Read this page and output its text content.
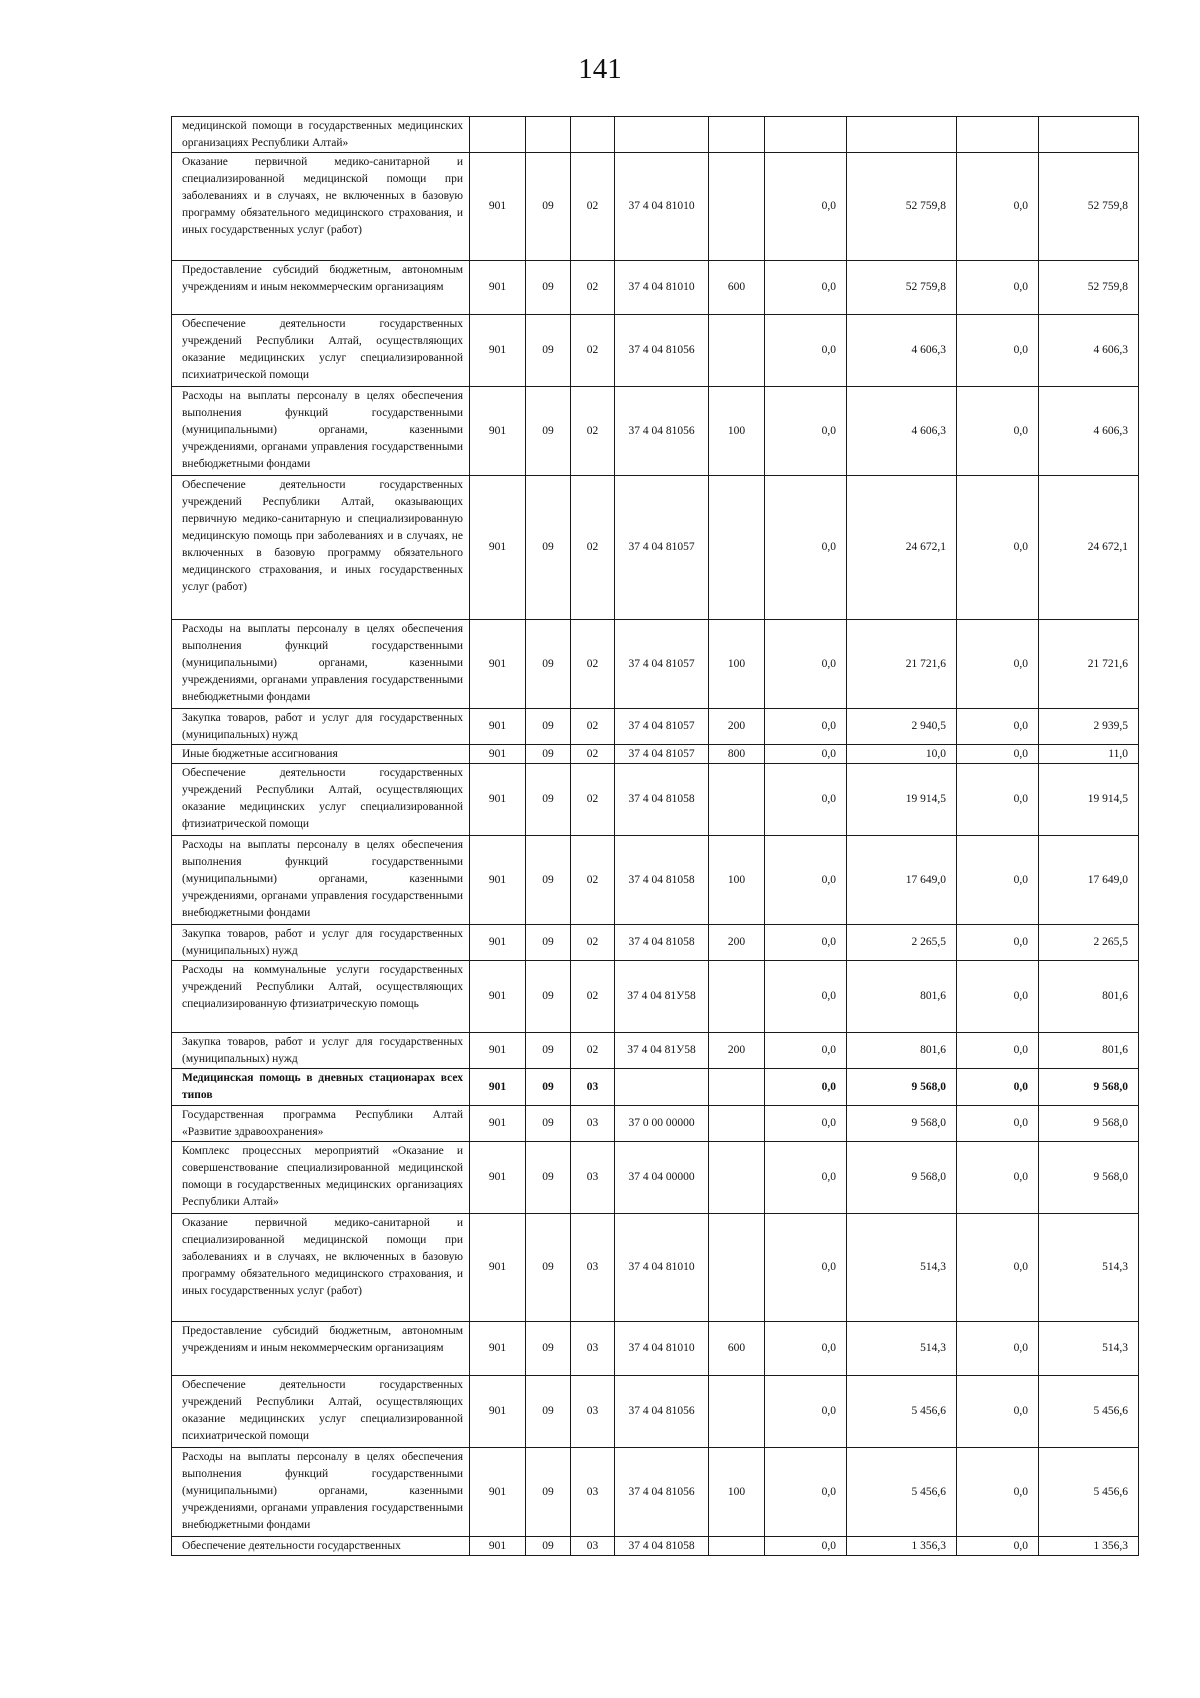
141
медицинской помощи в государственных медицинских организациях Республики Алтай»									
Оказание первичной медико-санитарной и специализированной медицинской помощи при заболеваниях и в случаях, не включенных в базовую программу обязательного медицинского страхования, и иных государственных услуг (работ)	901	09	02	37 4 04 81010		0,0	52 759,8	0,0	52 759,8
Предоставление субсидий бюджетным, автономным учреждениям и иным некоммерческим организациям	901	09	02	37 4 04 81010	600	0,0	52 759,8	0,0	52 759,8
Обеспечение деятельности государственных учреждений Республики Алтай, осуществляющих оказание медицинских услуг специализированной психиатрической помощи	901	09	02	37 4 04 81056		0,0	4 606,3	0,0	4 606,3
Расходы на выплаты персоналу в целях обеспечения выполнения функций государственными (муниципальными) органами, казенными учреждениями, органами управления государственными внебюджетными фондами	901	09	02	37 4 04 81056	100	0,0	4 606,3	0,0	4 606,3
Обеспечение деятельности государственных учреждений Республики Алтай, оказывающих первичную медико-санитарную и специализированную медицинскую помощь при заболеваниях и в случаях, не включенных в базовую программу обязательного медицинского страхования, и иных государственных услуг (работ)	901	09	02	37 4 04 81057		0,0	24 672,1	0,0	24 672,1
Расходы на выплаты персоналу в целях обеспечения выполнения функций государственными (муниципальными) органами, казенными учреждениями, органами управления государственными внебюджетными фондами	901	09	02	37 4 04 81057	100	0,0	21 721,6	0,0	21 721,6
Закупка товаров, работ и услуг для государственных (муниципальных) нужд	901	09	02	37 4 04 81057	200	0,0	2 940,5	0,0	2 939,5
Иные бюджетные ассигнования	901	09	02	37 4 04 81057	800	0,0	10,0	0,0	11,0
Обеспечение деятельности государственных учреждений Республики Алтай, осуществляющих оказание медицинских услуг специализированной фтизиатрической помощи	901	09	02	37 4 04 81058		0,0	19 914,5	0,0	19 914,5
Расходы на выплаты персоналу в целях обеспечения выполнения функций государственными (муниципальными) органами, казенными учреждениями, органами управления государственными внебюджетными фондами	901	09	02	37 4 04 81058	100	0,0	17 649,0	0,0	17 649,0
Закупка товаров, работ и услуг для государственных (муниципальных) нужд	901	09	02	37 4 04 81058	200	0,0	2 265,5	0,0	2 265,5
Расходы на коммунальные услуги государственных учреждений Республики Алтай, осуществляющих специализированную фтизиатрическую помощь	901	09	02	37 4 04 81У58		0,0	801,6	0,0	801,6
Закупка товаров, работ и услуг для государственных (муниципальных) нужд	901	09	02	37 4 04 81У58	200	0,0	801,6	0,0	801,6
Медицинская помощь в дневных стационарах всех типов	901	09	03			0,0	9 568,0	0,0	9 568,0
Государственная программа Республики Алтай «Развитие здравоохранения»	901	09	03	37 0 00 00000		0,0	9 568,0	0,0	9 568,0
Комплекс процессных мероприятий «Оказание и совершенствование специализированной медицинской помощи в государственных медицинских организациях Республики Алтай»	901	09	03	37 4 04 00000		0,0	9 568,0	0,0	9 568,0
Оказание первичной медико-санитарной и специализированной медицинской помощи при заболеваниях и в случаях, не включенных в базовую программу обязательного медицинского страхования, и иных государственных услуг (работ)	901	09	03	37 4 04 81010		0,0	514,3	0,0	514,3
Предоставление субсидий бюджетным, автономным учреждениям и иным некоммерческим организациям	901	09	03	37 4 04 81010	600	0,0	514,3	0,0	514,3
Обеспечение деятельности государственных учреждений Республики Алтай, осуществляющих оказание медицинских услуг специализированной психиатрической помощи	901	09	03	37 4 04 81056		0,0	5 456,6	0,0	5 456,6
Расходы на выплаты персоналу в целях обеспечения выполнения функций государственными (муниципальными) органами, казенными учреждениями, органами управления государственными внебюджетными фондами	901	09	03	37 4 04 81056	100	0,0	5 456,6	0,0	5 456,6
Обеспечение деятельности государственных	901	09	03	37 4 04 81058		0,0	1 356,3	0,0	1 356,3
